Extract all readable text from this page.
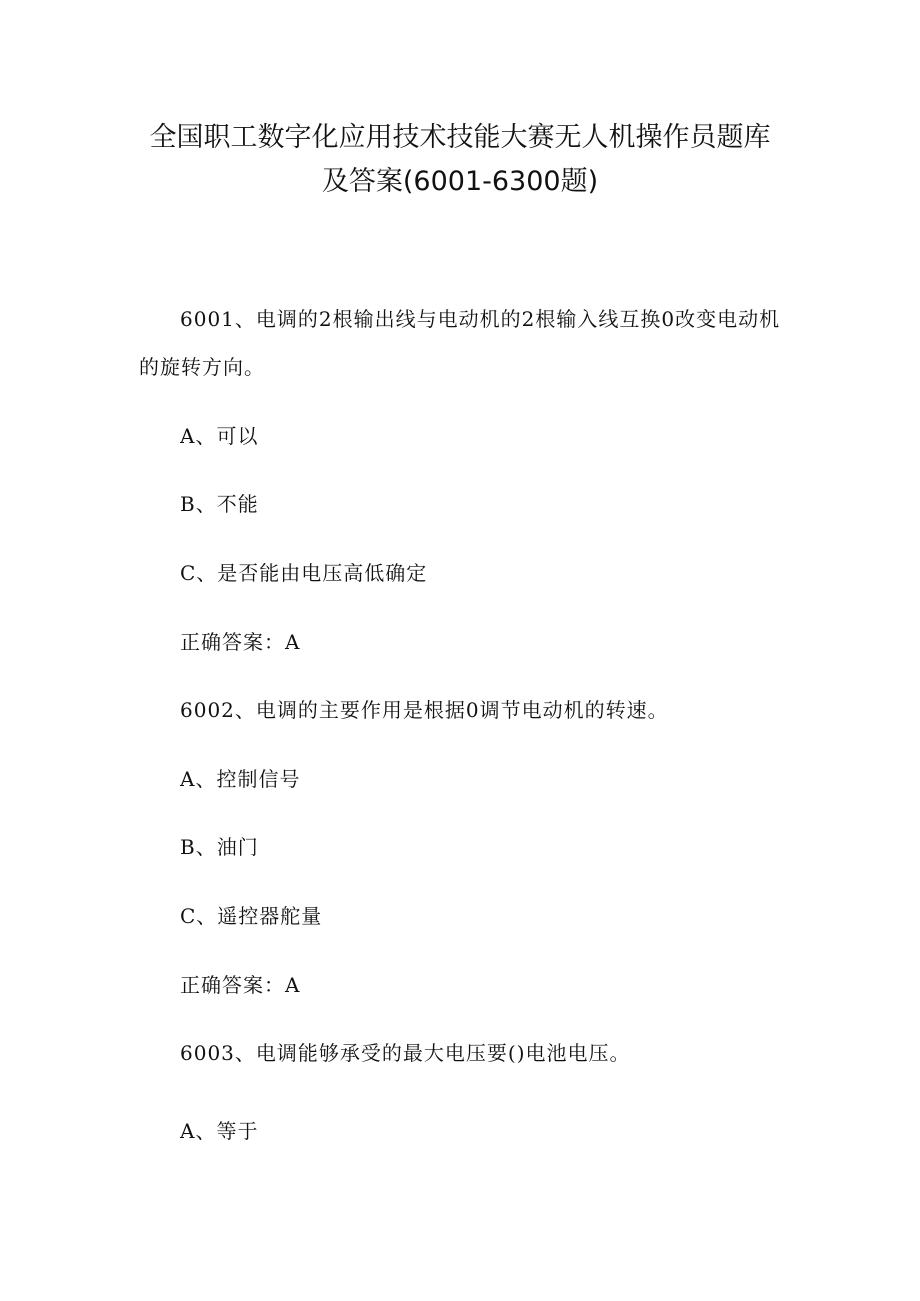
全国职工数字化应用技术技能大赛无人机操作员题库
及答案(6001-6300题)
6001、电调的2根输出线与电动机的2根输入线互换0改变电动机
的旋转方向。
A、可以
B、不能
C、是否能由电压高低确定
正确答案：A
6002、电调的主要作用是根据0调节电动机的转速。
A、控制信号
B、油门
C、遥控器舵量
正确答案：A
6003、电调能够承受的最大电压要()电池电压。
A、等于
